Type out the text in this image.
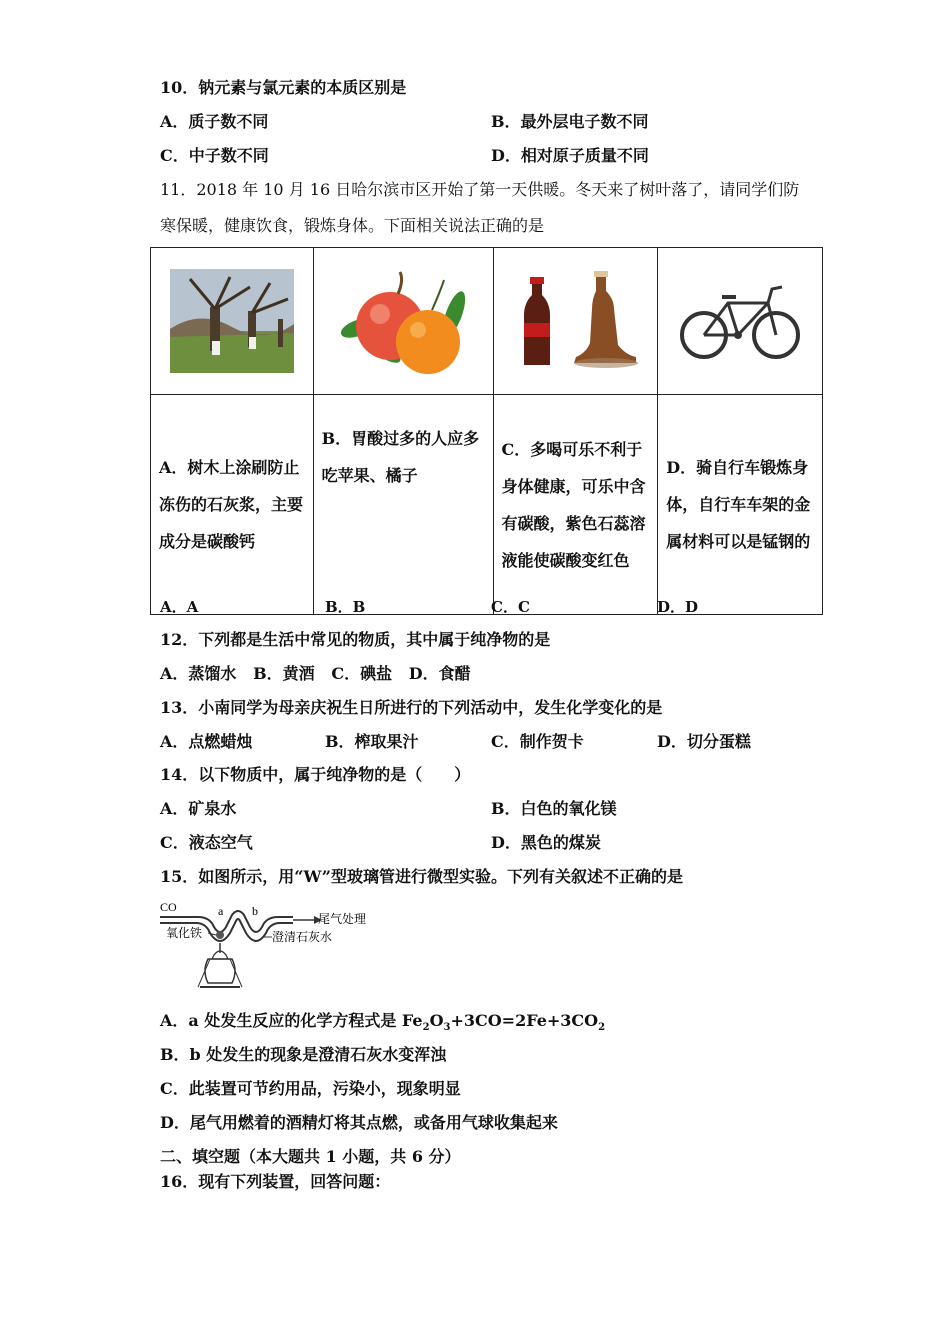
10．钠元素与氯元素的本质区别是
A．质子数不同	B．最外层电子数不同
C．中子数不同	D．相对原子质量不同
11．2018 年 10 月 16 日哈尔滨市区开始了第一天供暖。冬天来了树叶落了，请同学们防
寒保暖，健康饮食，锻炼身体。下面相关说法正确的是

A．树木上涂刷防止冻伤的石灰浆，主要成分是碳酸钙	B．胃酸过多的人应多吃苹果、橘子	C．多喝可乐不利于身体健康，可乐中含有碳酸，紫色石蕊溶液能使碳酸变红色	D．骑自行车锻炼身体，自行车车架的金属材料可以是锰钢的
A．A	B．B	C．C	D．D
12．下列都是生活中常见的物质，其中属于纯净物的是
A．蒸馏水   B．黄酒   C．碘盐   D．食醋
13．小南同学为母亲庆祝生日所进行的下列活动中，发生化学变化的是
A．点燃蜡烛	B．榨取果汁	C．制作贺卡	D．切分蛋糕
14．以下物质中，属于纯净物的是（　　）
A．矿泉水	B．白色的氧化镁
C．液态空气	D．黑色的煤炭
15．如图所示，用“W”型玻璃管进行微型实验。下列有关叙述不正确的是
CO	a b
尾气处理
氧化铁	澄清石灰水
A．a 处发生反应的化学方程式是 $Fe_2O_3+3CO=2Fe+3CO_2$
B．b 处发生的现象是澄清石灰水变浑浊
C．此装置可节约用品，污染小，现象明显
D．尾气用燃着的酒精灯将其点燃，或备用气球收集起来
二、填空题（本大题共 1 小题，共 6 分）
16．现有下列装置，回答问题：
